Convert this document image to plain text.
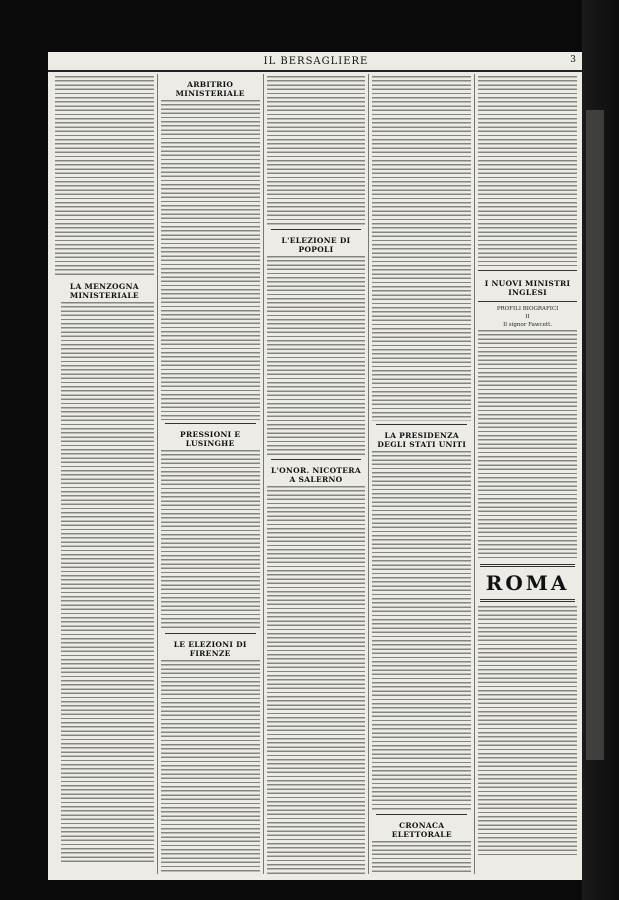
IL BERSAGLIERE	3
LA MENZOGNA MINISTERIALE
ARBITRIO MINISTERIALE
PRESSIONI E LUSINGHE
LE ELEZIONI DI FIRENZE
L'ELEZIONE DI POPOLI
L'ONOR. NICOTERA A SALERNO
LA PRESIDENZA DEGLI STATI UNITI
CRONACA ELETTORALE
I NUOVI MINISTRI INGLESI
PROFILI BIOGRAFICI
II
Il signor Fawcett.
ROMA
